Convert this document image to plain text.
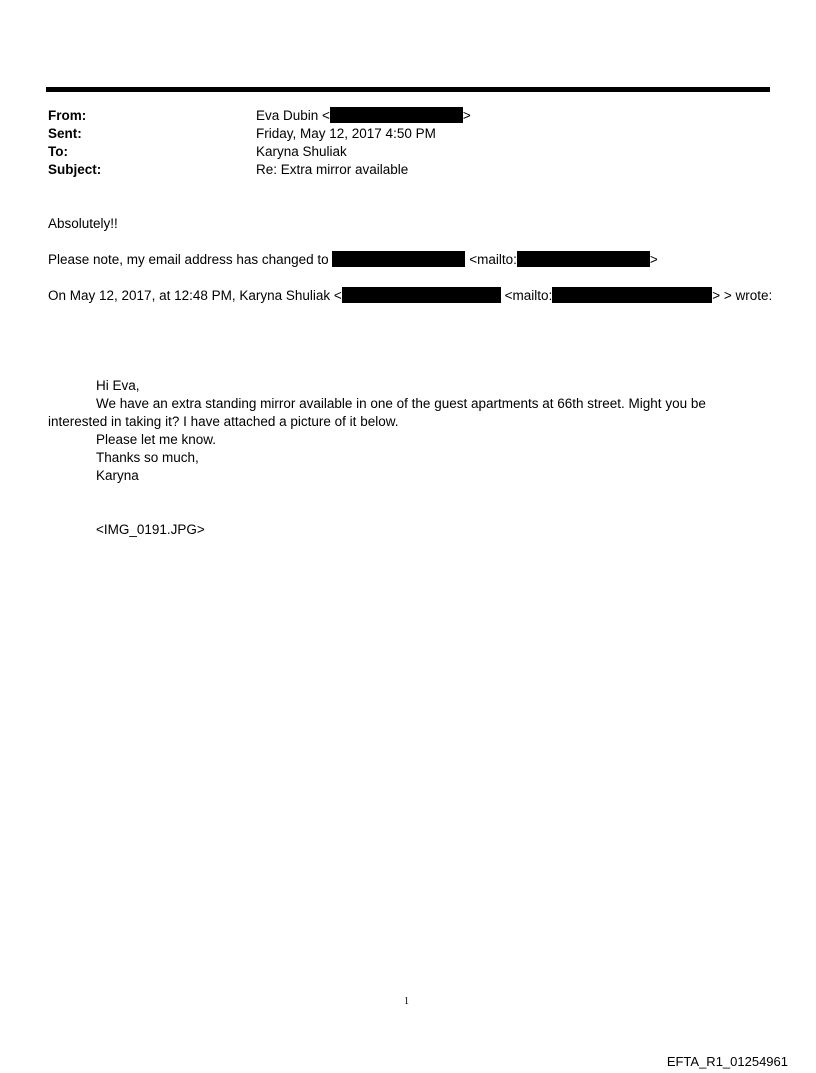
From:	Eva Dubin <	>
Sent:	Friday, May 12, 2017 4:50 PM
To:	Karyna Shuliak
Subject:	Re: Extra mirror available
Absolutely!!
Please note, my email address has changed to	<mailto:	>
On May 12, 2017, at 12:48 PM, Karyna Shuliak <	<mailto:	> > wrote:
Hi Eva,
We have an extra standing mirror available in one of the guest apartments at 66th street. Might you be
interested in taking it? I have attached a picture of it below.
Please let me know.
Thanks so much,
Karyna
<IMG_0191.JPG>
1
EFTA_R1_01254961
